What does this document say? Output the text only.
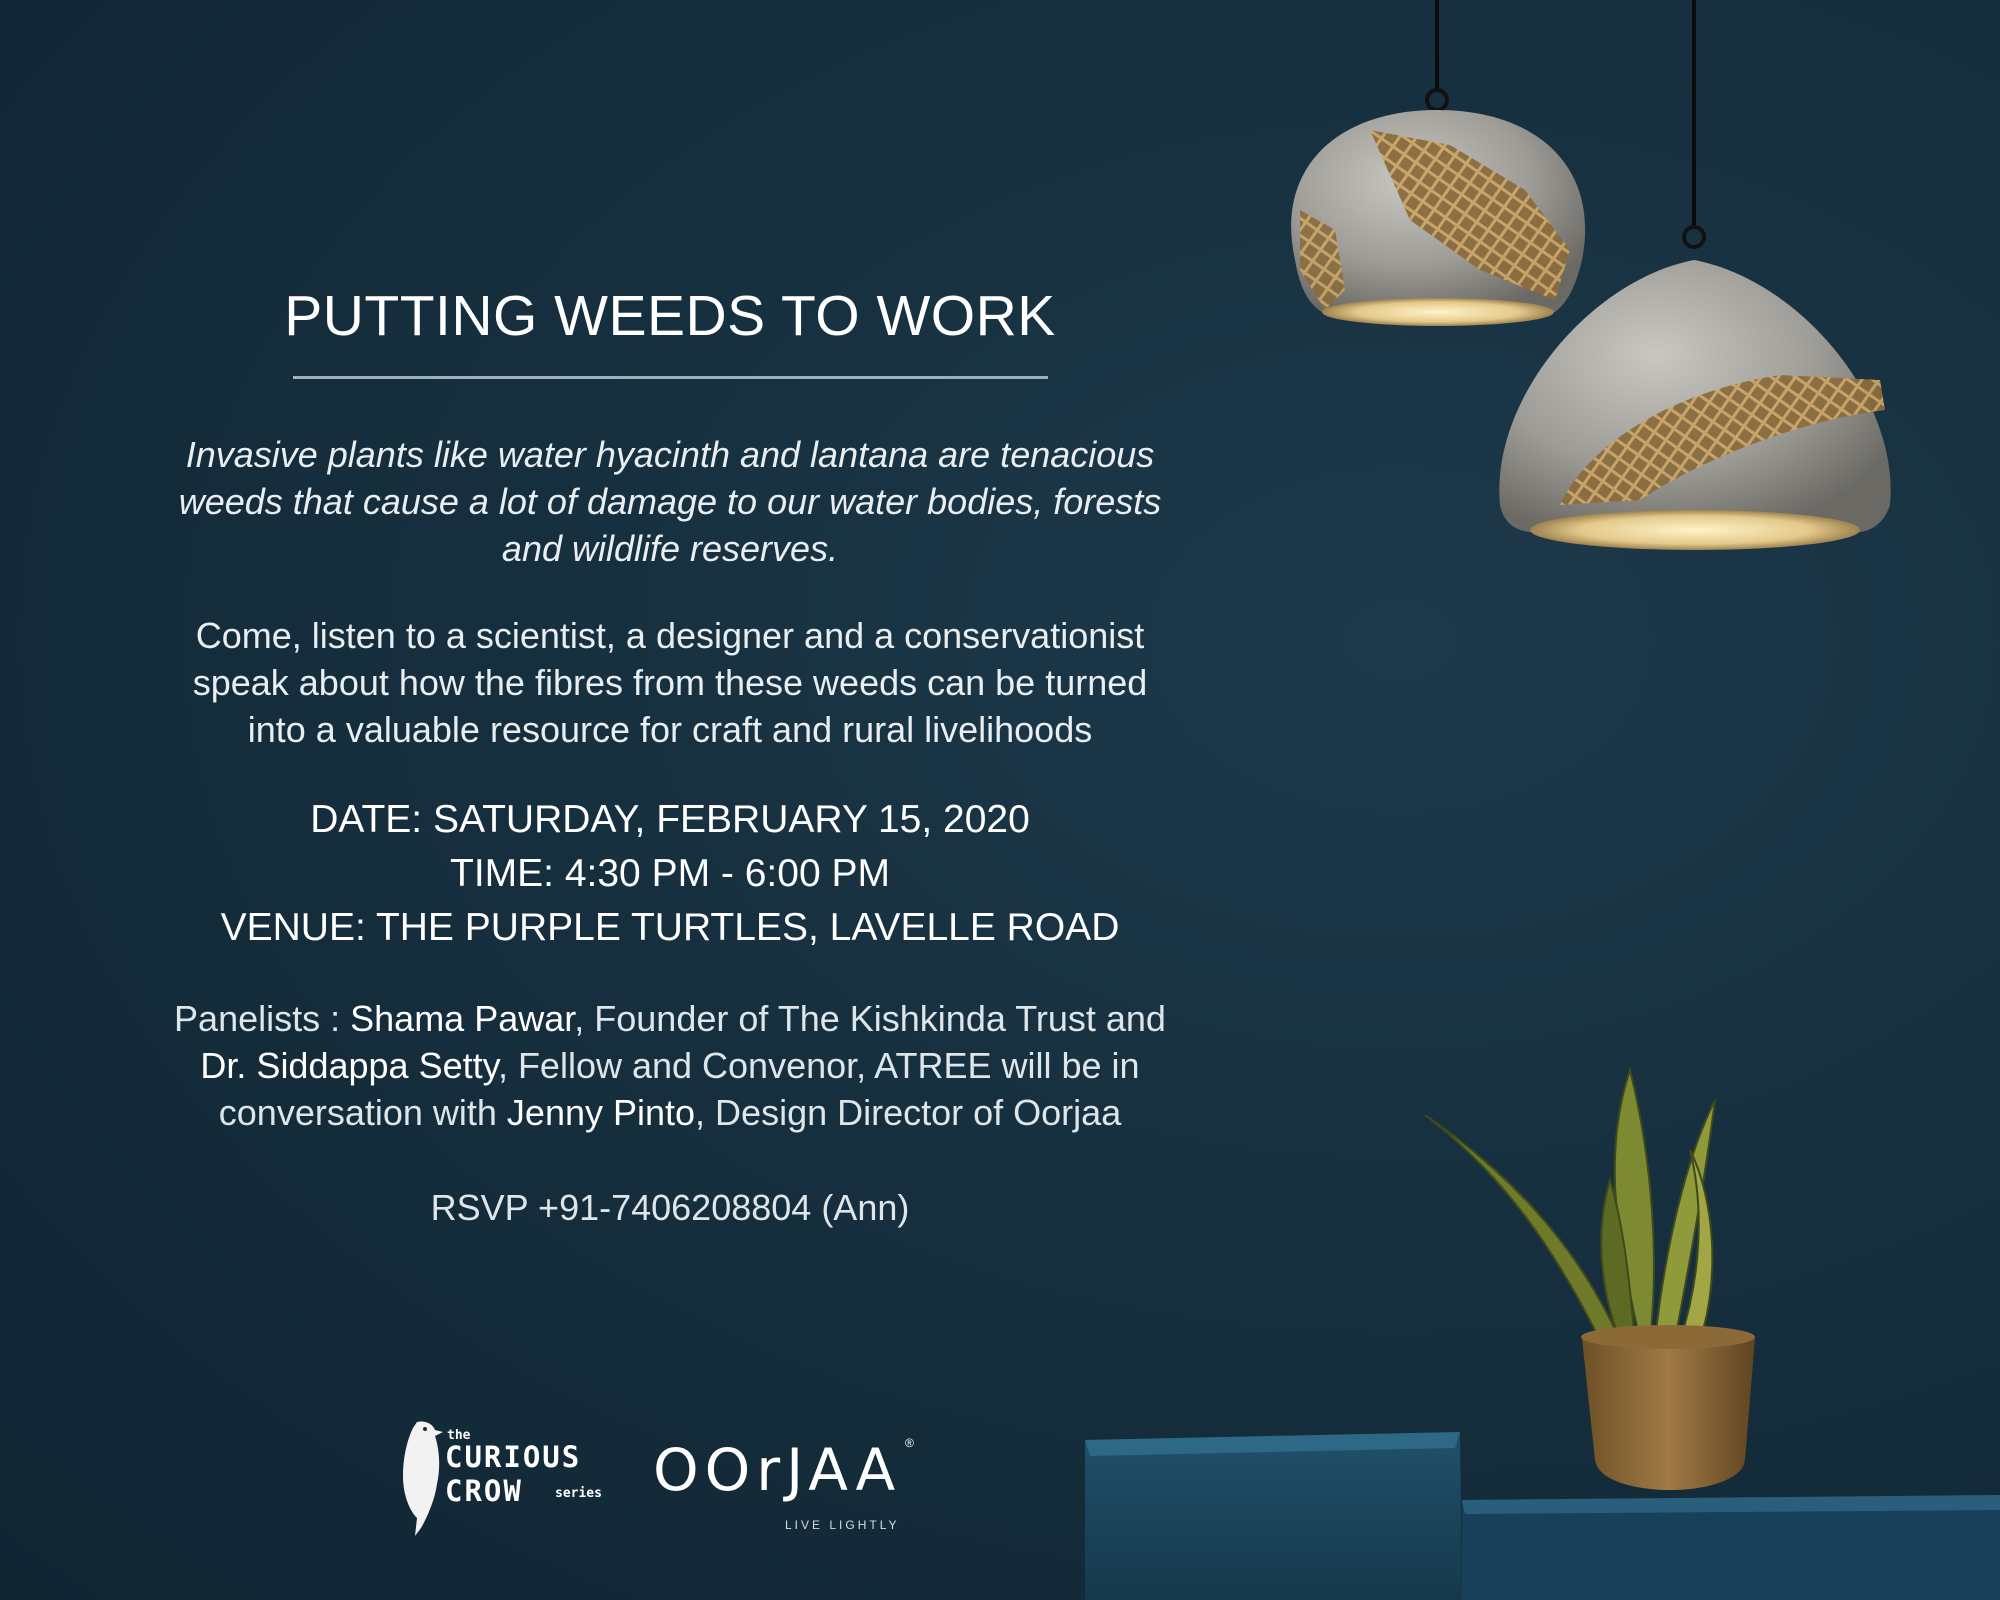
PUTTING WEEDS TO WORK

Invasive plants like water hyacinth and lantana are tenacious
weeds that cause a lot of damage to our water bodies, forests
and wildlife reserves.

Come, listen to a scientist, a designer and a conservationist
speak about how the fibres from these weeds can be turned
into a valuable resource for craft and rural livelihoods

DATE: SATURDAY, FEBRUARY 15, 2020
TIME: 4:30 PM - 6:00 PM
VENUE: THE PURPLE TURTLES, LAVELLE ROAD
Panelists : Shama Pawar, Founder of The Kishkinda Trust and
Dr. Siddappa Setty, Fellow and Convenor, ATREE will be in
conversation with Jenny Pinto, Design Director of Oorjaa
RSVP +91-7406208804 (Ann)
the
CURIOUS
CROW series OOrJAA ®
LIVE LIGHTLY
